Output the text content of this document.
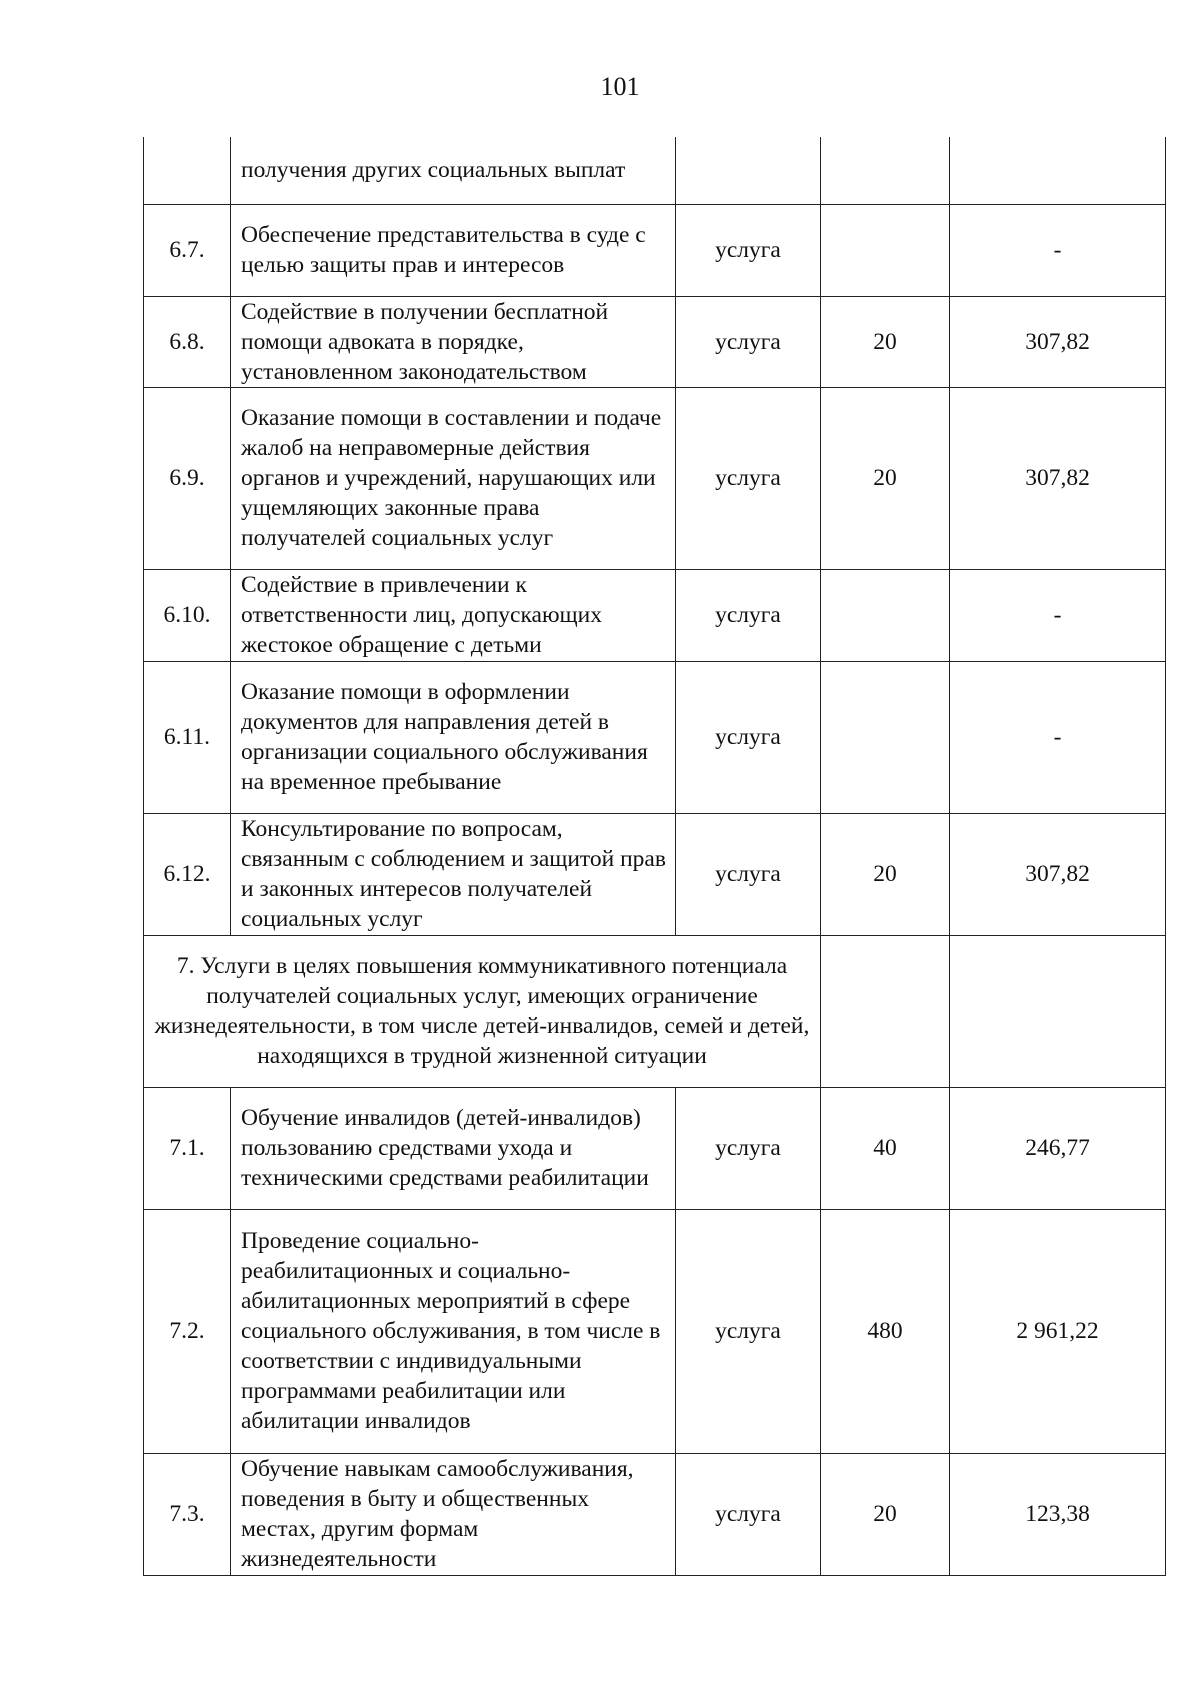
101
	получения других социальных выплат			
6.7.	Обеспечение представительства в суде с целью защиты прав и интересов	услуга		-
6.8.	Содействие в получении бесплатной помощи адвоката в порядке, установленном законодательством	услуга	20	307,82
6.9.	Оказание помощи в составлении и подаче жалоб на неправомерные действия органов и учреждений, нарушающих или ущемляющих законные права получателей социальных услуг	услуга	20	307,82
6.10.	Содействие в привлечении к ответственности лиц, допускающих жестокое обращение с детьми	услуга		-
6.11.	Оказание помощи в оформлении документов для направления детей в организации социального обслуживания на временное пребывание	услуга		-
6.12.	Консультирование по вопросам, связанным с соблюдением и защитой прав и законных интересов получателей социальных услуг	услуга	20	307,82
7. Услуги в целях повышения коммуникативного потенциала получателей социальных услуг, имеющих ограничение жизнедеятельности, в том числе детей-инвалидов, семей и детей, находящихся в трудной жизненной ситуации				
7.1.	Обучение инвалидов (детей-инвалидов) пользованию средствами ухода и техническими средствами реабилитации	услуга	40	246,77
7.2.	Проведение социально-реабилитационных и социально-абилитационных мероприятий в сфере социального обслуживания, в том числе в соответствии с индивидуальными программами реабилитации или абилитации инвалидов	услуга	480	2 961,22
7.3.	Обучение навыкам самообслуживания, поведения в быту и общественных местах, другим формам жизнедеятельности	услуга	20	123,38
